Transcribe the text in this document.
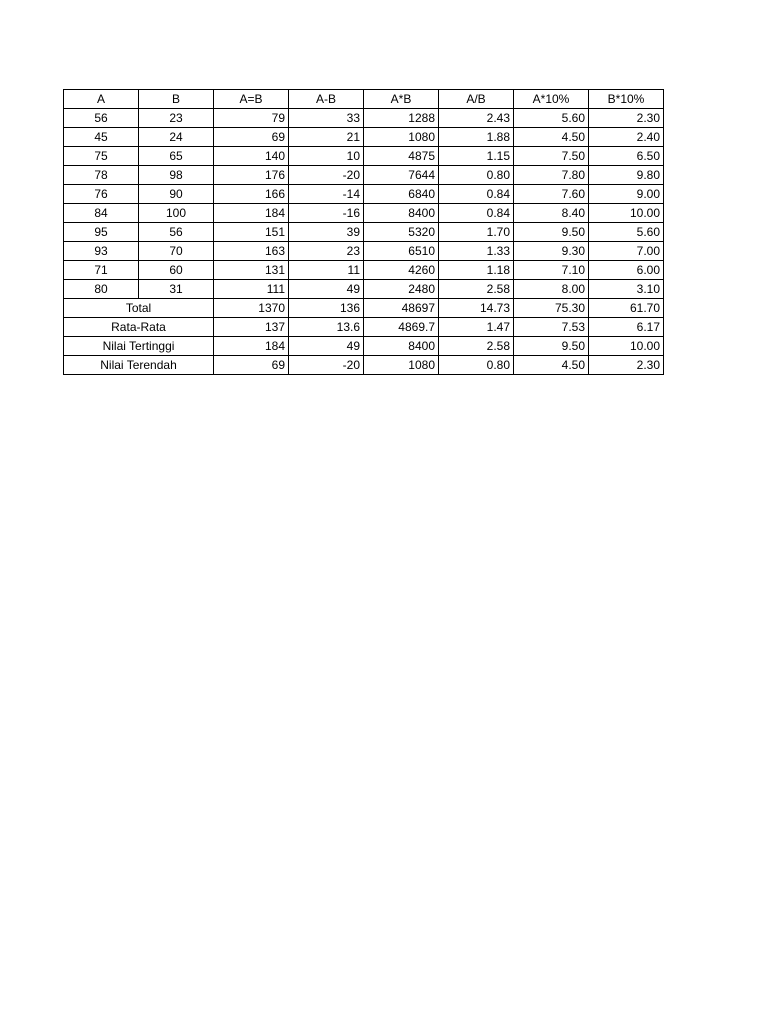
A	B	A=B	A-B	A*B	A/B	A*10%	B*10%
56	23	79	33	1288	2.43	5.60	2.30
45	24	69	21	1080	1.88	4.50	2.40
75	65	140	10	4875	1.15	7.50	6.50
78	98	176	-20	7644	0.80	7.80	9.80
76	90	166	-14	6840	0.84	7.60	9.00
84	100	184	-16	8400	0.84	8.40	10.00
95	56	151	39	5320	1.70	9.50	5.60
93	70	163	23	6510	1.33	9.30	7.00
71	60	131	11	4260	1.18	7.10	6.00
80	31	111	49	2480	2.58	8.00	3.10
Total		1370	136	48697	14.73	75.30	61.70
Rata-Rata		137	13.6	4869.7	1.47	7.53	6.17
Nilai Tertinggi		184	49	8400	2.58	9.50	10.00
Nilai Terendah		69	-20	1080	0.80	4.50	2.30
